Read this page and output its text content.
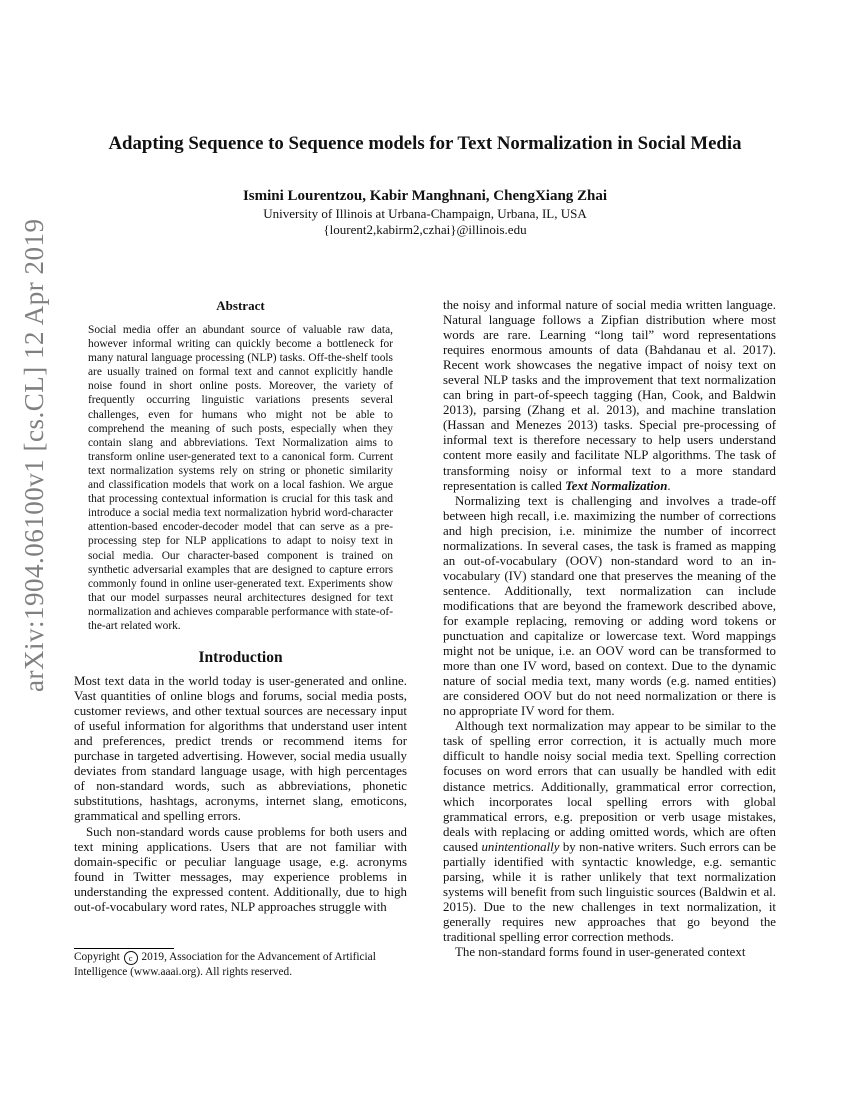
arXiv:1904.06100v1 [cs.CL] 12 Apr 2019
Adapting Sequence to Sequence models for Text Normalization in Social Media
Ismini Lourentzou, Kabir Manghnani, ChengXiang Zhai
University of Illinois at Urbana-Champaign, Urbana, IL, USA
{lourent2,kabirm2,czhai}@illinois.edu
Abstract
Social media offer an abundant source of valuable raw data, however informal writing can quickly become a bottleneck for many natural language processing (NLP) tasks. Off-the-shelf tools are usually trained on formal text and cannot explicitly handle noise found in short online posts. Moreover, the variety of frequently occurring linguistic variations presents several challenges, even for humans who might not be able to comprehend the meaning of such posts, especially when they contain slang and abbreviations. Text Normalization aims to transform online user-generated text to a canonical form. Current text normalization systems rely on string or phonetic similarity and classification models that work on a local fashion. We argue that processing contextual information is crucial for this task and introduce a social media text normalization hybrid word-character attention-based encoder-decoder model that can serve as a pre-processing step for NLP applications to adapt to noisy text in social media. Our character-based component is trained on synthetic adversarial examples that are designed to capture errors commonly found in online user-generated text. Experiments show that our model surpasses neural architectures designed for text normalization and achieves comparable performance with state-of-the-art related work.
Introduction

Most text data in the world today is user-generated and online. Vast quantities of online blogs and forums, social media posts, customer reviews, and other textual sources are necessary input of useful information for algorithms that understand user intent and preferences, predict trends or recommend items for purchase in targeted advertising. However, social media usually deviates from standard language usage, with high percentages of non-standard words, such as abbreviations, phonetic substitutions, hashtags, acronyms, internet slang, emoticons, grammatical and spelling errors.

Such non-standard words cause problems for both users and text mining applications. Users that are not familiar with domain-specific or peculiar language usage, e.g. acronyms found in Twitter messages, may experience problems in understanding the expressed content. Additionally, due to high out-of-vocabulary word rates, NLP approaches struggle with

the noisy and informal nature of social media written language. Natural language follows a Zipfian distribution where most words are rare. Learning “long tail” word representations requires enormous amounts of data (Bahdanau et al. 2017). Recent work showcases the negative impact of noisy text on several NLP tasks and the improvement that text normalization can bring in part-of-speech tagging (Han, Cook, and Baldwin 2013), parsing (Zhang et al. 2013), and machine translation (Hassan and Menezes 2013) tasks. Special pre-processing of informal text is therefore necessary to help users understand content more easily and facilitate NLP algorithms. The task of transforming noisy or informal text to a more standard representation is called Text Normalization.

Normalizing text is challenging and involves a trade-off between high recall, i.e. maximizing the number of corrections and high precision, i.e. minimize the number of incorrect normalizations. In several cases, the task is framed as mapping an out-of-vocabulary (OOV) non-standard word to an in-vocabulary (IV) standard one that preserves the meaning of the sentence. Additionally, text normalization can include modifications that are beyond the framework described above, for example replacing, removing or adding word tokens or punctuation and capitalize or lowercase text. Word mappings might not be unique, i.e. an OOV word can be transformed to more than one IV word, based on context. Due to the dynamic nature of social media text, many words (e.g. named entities) are considered OOV but do not need normalization or there is no appropriate IV word for them.

Although text normalization may appear to be similar to the task of spelling error correction, it is actually much more difficult to handle noisy social media text. Spelling correction focuses on word errors that can usually be handled with edit distance metrics. Additionally, grammatical error correction, which incorporates local spelling errors with global grammatical errors, e.g. preposition or verb usage mistakes, deals with replacing or adding omitted words, which are often caused unintentionally by non-native writers. Such errors can be partially identified with syntactic knowledge, e.g. semantic parsing, while it is rather unlikely that text normalization systems will benefit from such linguistic sources (Baldwin et al. 2015). Due to the new challenges in text normalization, it generally requires new approaches that go beyond the traditional spelling error correction methods.

The non-standard forms found in user-generated context

Copyright c 2019, Association for the Advancement of Artificial Intelligence (www.aaai.org). All rights reserved.
